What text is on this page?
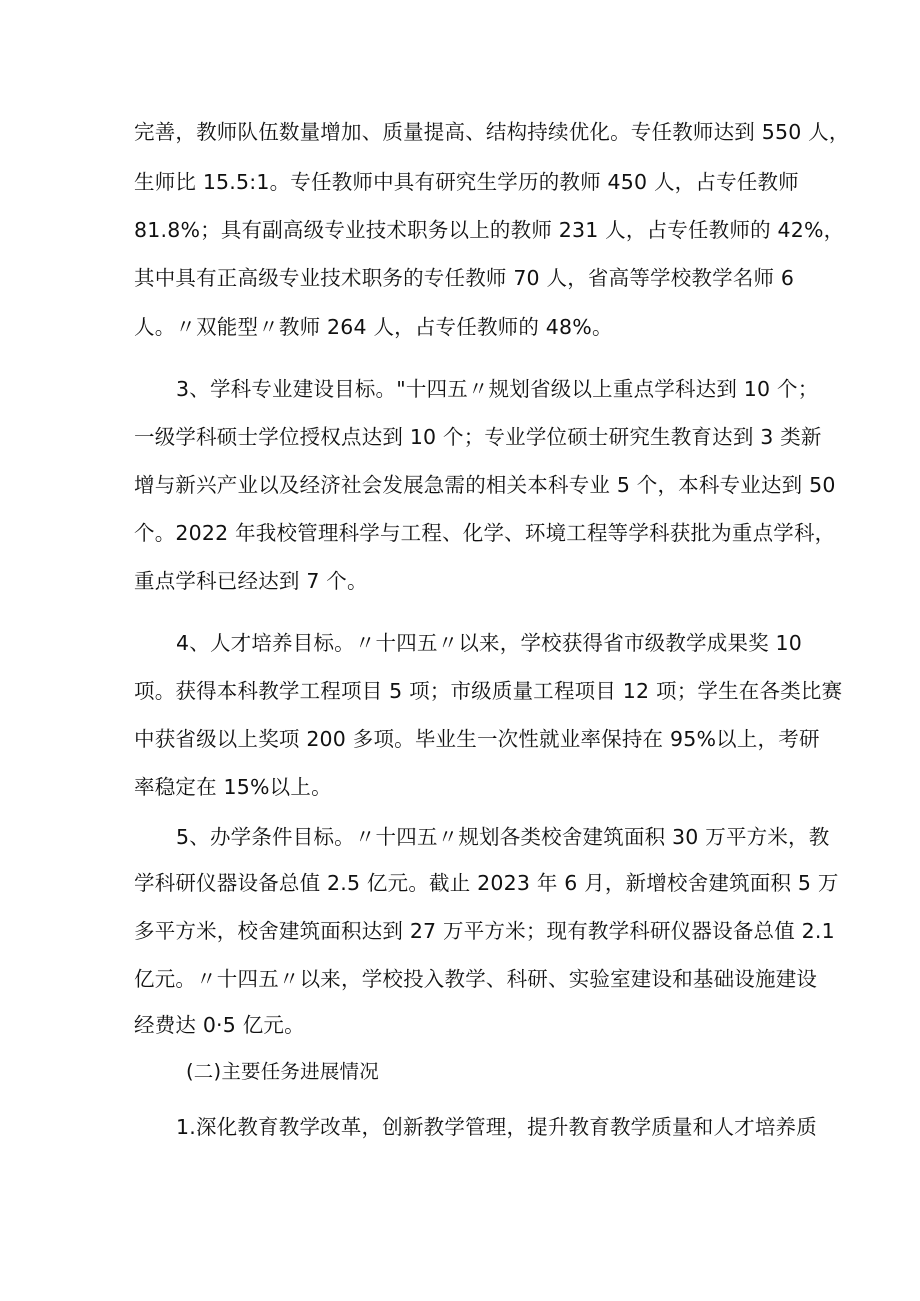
完善，教师队伍数量增加、质量提高、结构持续优化。专任教师达到 550 人，
生师比 15.5:1。专任教师中具有研究生学历的教师 450 人，占专任教师
81.8%；具有副高级专业技术职务以上的教师 231 人，占专任教师的 42%，
其中具有正高级专业技术职务的专任教师 70 人，省高等学校教学名师 6
人。〃双能型〃教师 264 人，占专任教师的 48%。
3、学科专业建设目标。"十四五〃规划省级以上重点学科达到 10 个；
一级学科硕士学位授权点达到 10 个；专业学位硕士研究生教育达到 3 类新
增与新兴产业以及经济社会发展急需的相关本科专业 5 个，本科专业达到 50
个。2022 年我校管理科学与工程、化学、环境工程等学科获批为重点学科，
重点学科已经达到 7 个。
4、人才培养目标。〃十四五〃以来，学校获得省市级教学成果奖 10
项。获得本科教学工程项目 5 项；市级质量工程项目 12 项；学生在各类比赛
中获省级以上奖项 200 多项。毕业生一次性就业率保持在 95%以上，考研
率稳定在 15%以上。
5、办学条件目标。〃十四五〃规划各类校舍建筑面积 30 万平方米，教
学科研仪器设备总值 2.5 亿元。截止 2023 年 6 月，新增校舍建筑面积 5 万
多平方米，校舍建筑面积达到 27 万平方米；现有教学科研仪器设备总值 2.1
亿元。〃十四五〃以来，学校投入教学、科研、实验室建设和基础设施建设
经费达 0·5 亿元。
(二)主要任务进展情况
1.深化教育教学改革，创新教学管理，提升教育教学质量和人才培养质
